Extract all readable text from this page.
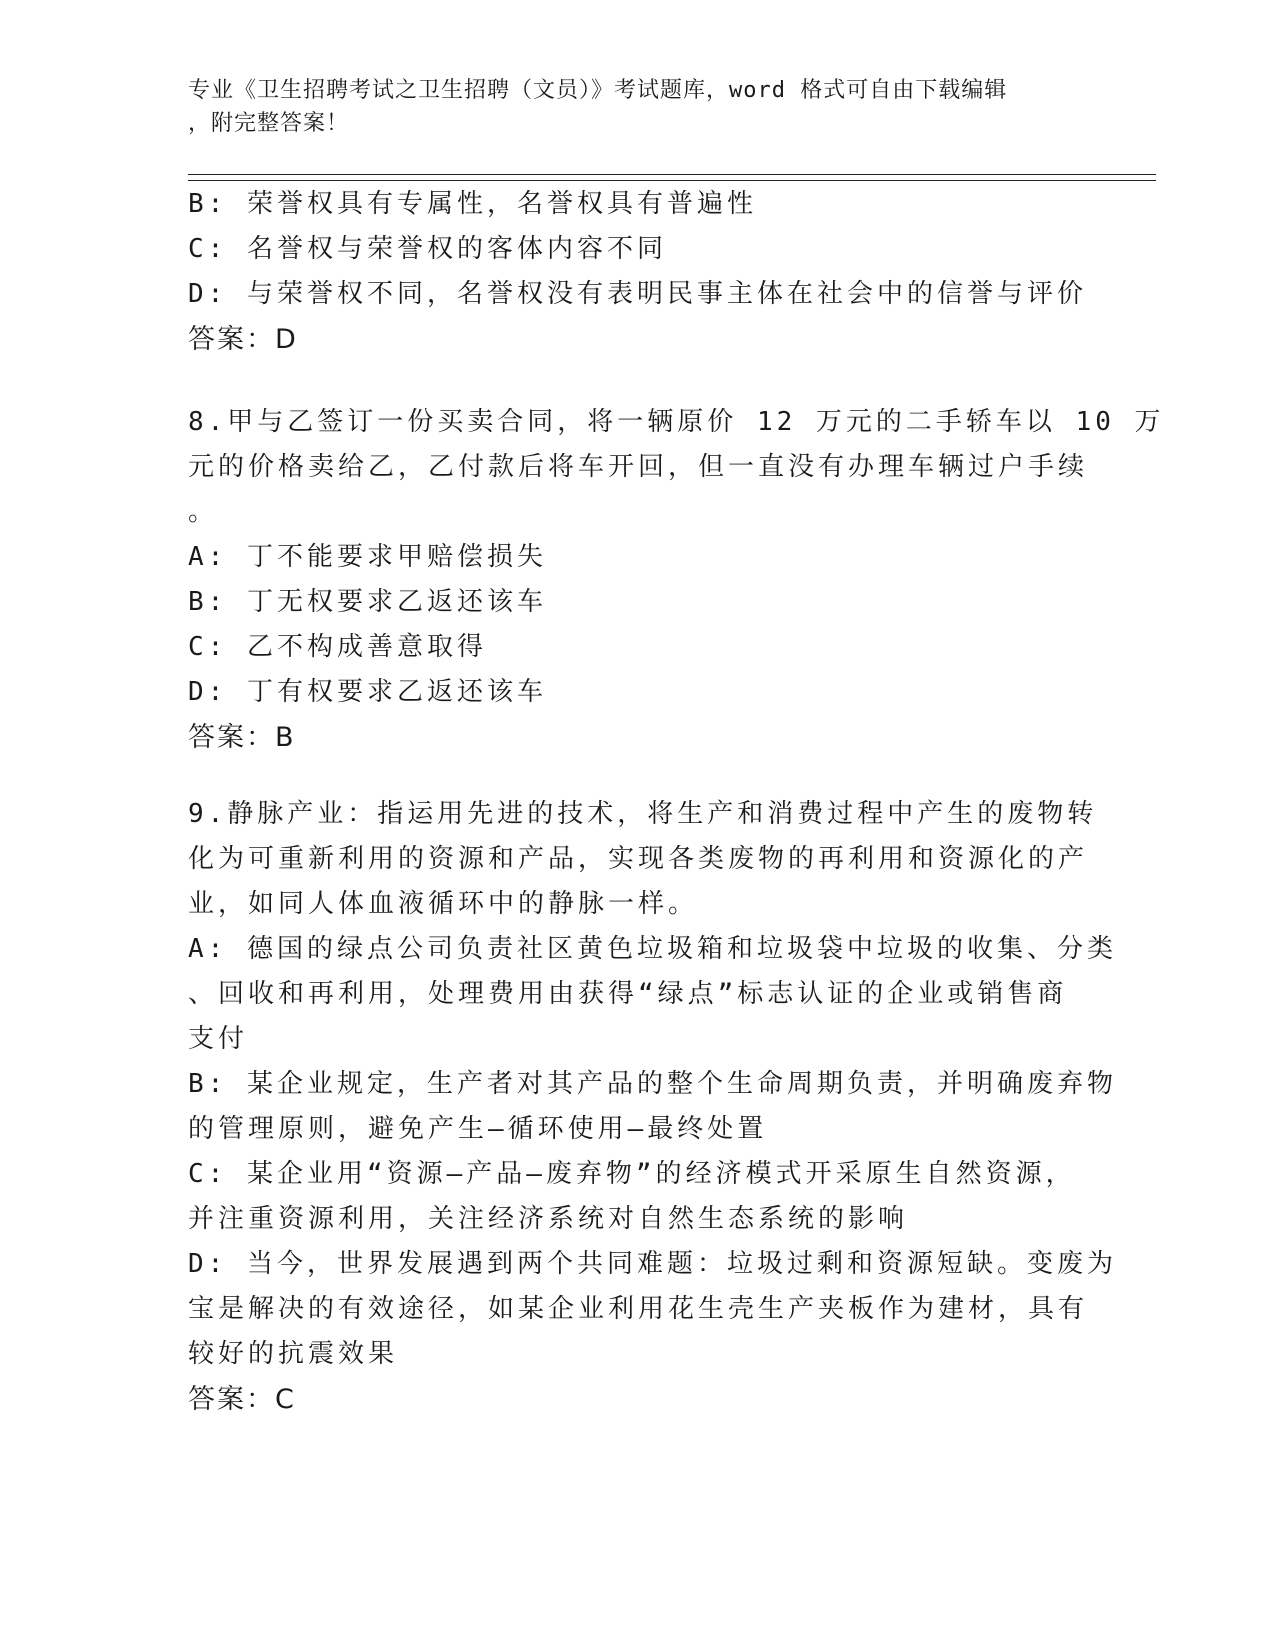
专业《卫生招聘考试之卫生招聘（文员）》考试题库，word 格式可自由下载编辑
，附完整答案！
B: 荣誉权具有专属性，名誉权具有普遍性
C: 名誉权与荣誉权的客体内容不同
D: 与荣誉权不同，名誉权没有表明民事主体在社会中的信誉与评价
答案：D
8.甲与乙签订一份买卖合同，将一辆原价 12 万元的二手轿车以 10 万
元的价格卖给乙，乙付款后将车开回，但一直没有办理车辆过户手续
。
A: 丁不能要求甲赔偿损失
B: 丁无权要求乙返还该车
C: 乙不构成善意取得
D: 丁有权要求乙返还该车
答案：B
9.静脉产业：指运用先进的技术，将生产和消费过程中产生的废物转
化为可重新利用的资源和产品，实现各类废物的再利用和资源化的产
业，如同人体血液循环中的静脉一样。
A: 德国的绿点公司负责社区黄色垃圾箱和垃圾袋中垃圾的收集、分类
、回收和再利用，处理费用由获得“绿点”标志认证的企业或销售商
支付
B: 某企业规定，生产者对其产品的整个生命周期负责，并明确废弃物
的管理原则，避免产生—循环使用—最终处置
C: 某企业用“资源—产品—废弃物”的经济模式开采原生自然资源，
并注重资源利用，关注经济系统对自然生态系统的影响
D: 当今，世界发展遇到两个共同难题：垃圾过剩和资源短缺。变废为
宝是解决的有效途径，如某企业利用花生壳生产夹板作为建材，具有
较好的抗震效果
答案：C
